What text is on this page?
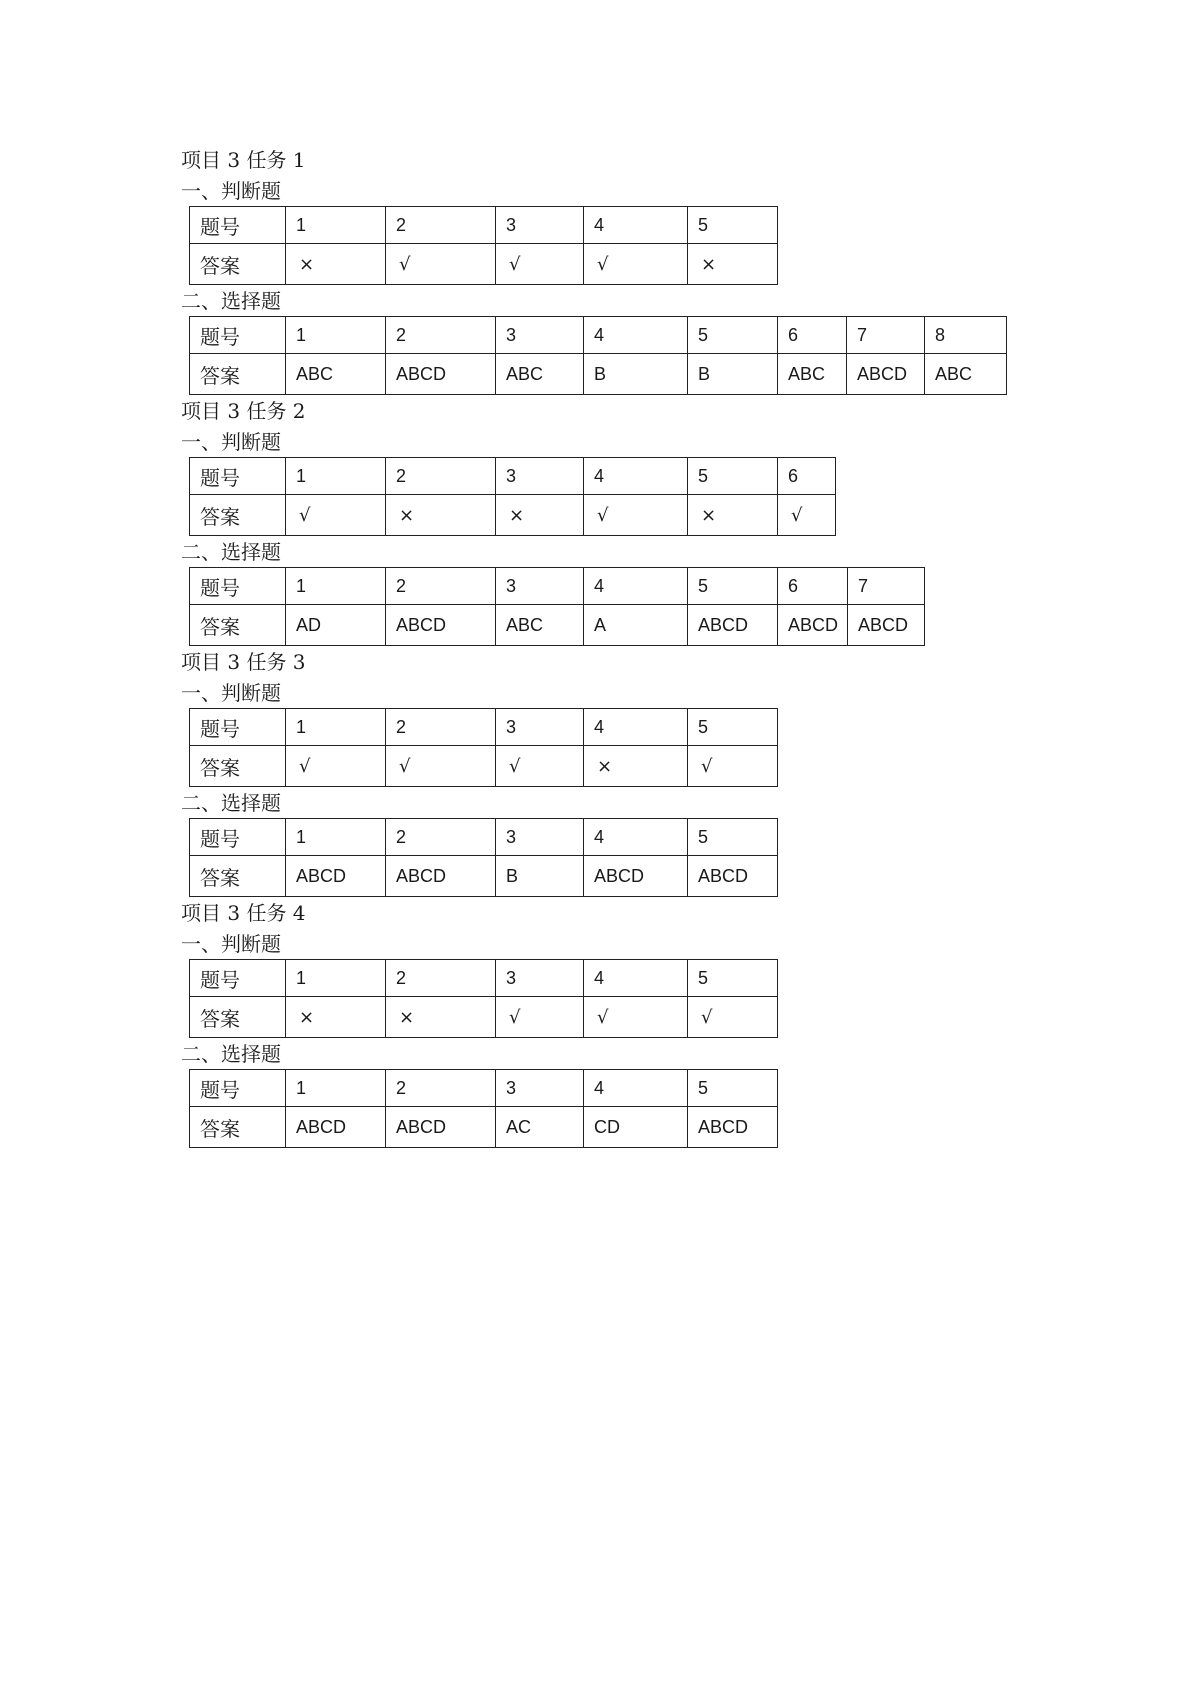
项目 3 任务 1
一、判断题
题号	1	2	3	4	5
答案	×	√	√	√	×
二、选择题
题号	1	2	3	4	5	6	7	8
答案	ABC	ABCD	ABC	B	B	ABC	ABCD	ABC
项目 3 任务 2
一、判断题
题号	1	2	3	4	5	6
答案	√	×	×	√	×	√
二、选择题
题号	1	2	3	4	5	6	7
答案	AD	ABCD	ABC	A	ABCD	ABCD	ABCD
项目 3 任务 3
一、判断题
题号	1	2	3	4	5
答案	√	√	√	×	√
二、选择题
题号	1	2	3	4	5
答案	ABCD	ABCD	B	ABCD	ABCD
项目 3 任务 4
一、判断题
题号	1	2	3	4	5
答案	×	×	√	√	√
二、选择题
题号	1	2	3	4	5
答案	ABCD	ABCD	AC	CD	ABCD
